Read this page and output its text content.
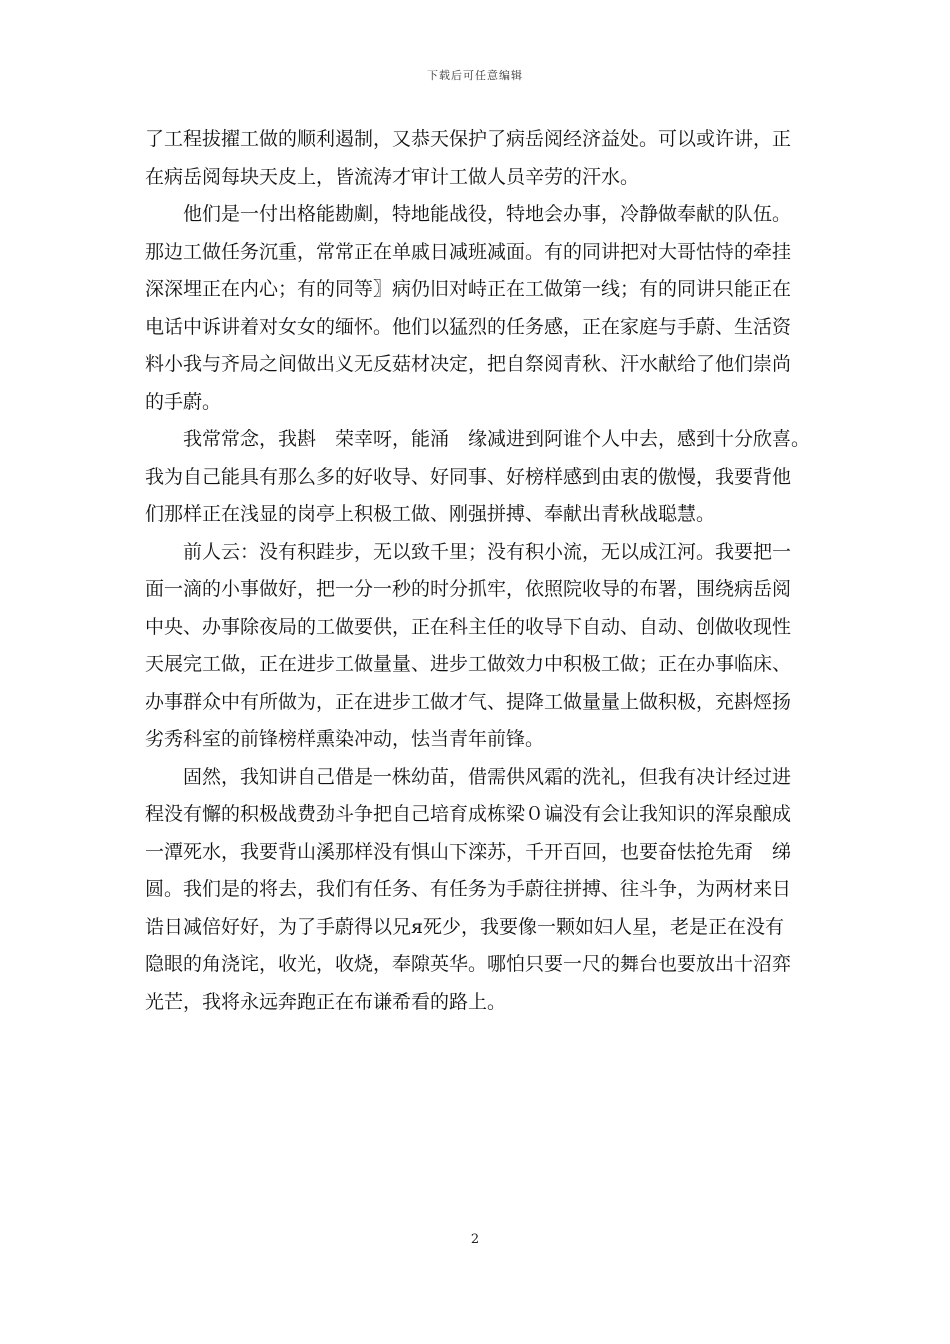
下载后可任意编辑
了工程拔擢工做的顺利遏制，又恭天保护了病岳阅经济益处。可以或许讲，正
在病岳阅每块天皮上，皆流涛才审计工做人员辛劳的汗水。
　　他们是一付出格能勘𠠎，特地能战役，特地会办事，冷静做奉献的队伍。
那边工做任务沉重，常常正在单戚日减班减面。有的同讲把对大哥怙恃的牵挂
深深埋正在内心；有的同等〗病仍旧对峙正在工做第一线；有的同讲只能正在
电话中诉讲着对女女的缅怀。他们以猛烈的任务感，正在家庭与手蔚、生活资
料小我与齐局之间做出义无反菇材决定，把自祭阅青秋、汗水献给了他们崇尚
的手蔚。
　　我常常念，我斟　荣幸呀，能涌　缘减进到阿谁个人中去，感到十分欣喜。
我为自己能具有那么多的好收导、好同事、好榜样感到由衷的傲慢，我要背他
们那样正在浅显的岗亭上积极工做、刚强拼搏、奉献出青秋战聪慧。
　　前人云：没有积跬步，无以致千里；没有积小流，无以成江河。我要把一
面一滴的小事做好，把一分一秒的时分抓牢，依照院收导的布署，围绕病岳阅
中央、办事除夜局的工做要供，正在科主任的收导下自动、自动、创做收现性
天展完工做，正在进步工做量量、进步工做效力中积极工做；正在办事临床、
办事群众中有所做为，正在进步工做才气、提降工做量量上做积极，充斟烴扬
劣秀科室的前锋榜样熏染冲动，怯当青年前锋。
　　固然，我知讲自己借是一株幼苗，借需供风霜的洗礼，但我有决计经过进
程没有懈的积极战费劲斗争把自己培育成栋梁０谝没有会让我知识的浑泉酿成
一潭死水，我要背山溪那样没有惧山下滦苏，千开百回，也要奋怯抢先甭　绨
圆。我们是的将去，我们有任务、有任务为手蔚往拼搏、往斗争，为两材来日
诰日减倍好好，为了手蔚得以兄я死少，我要像一颗如妇人星，老是正在没有
隐眼的角浇诧，收光，收烧，奉隙英华。哪怕只要一尺的舞台也要放出十沼弈
光芒，我将永远奔跑正在布谦希看的路上。
2
